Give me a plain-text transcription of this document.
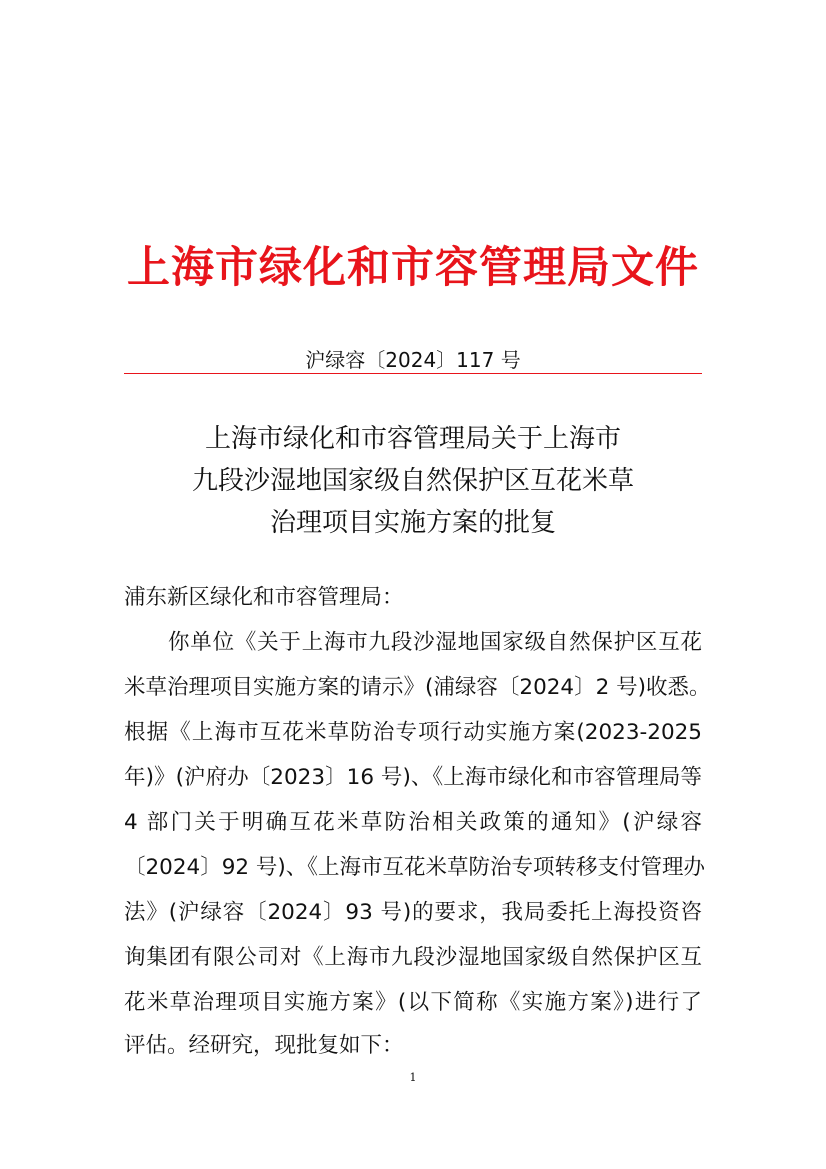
上海市绿化和市容管理局文件
沪绿容〔2024〕117 号
上海市绿化和市容管理局关于上海市
九段沙湿地国家级自然保护区互花米草
治理项目实施方案的批复
浦东新区绿化和市容管理局：
你单位《关于上海市九段沙湿地国家级自然保护区互花
米草治理项目实施方案的请示》(浦绿容〔2024〕2 号)收悉。
根据《上海市互花米草防治专项行动实施方案(2023-2025
年)》(沪府办〔2023〕16 号)、《上海市绿化和市容管理局等
4 部门关于明确互花米草防治相关政策的通知》(沪绿容
〔2024〕92 号)、《上海市互花米草防治专项转移支付管理办
法》(沪绿容〔2024〕93 号)的要求，我局委托上海投资咨
询集团有限公司对《上海市九段沙湿地国家级自然保护区互
花米草治理项目实施方案》(以下简称《实施方案》)进行了
评估。经研究，现批复如下：
1
